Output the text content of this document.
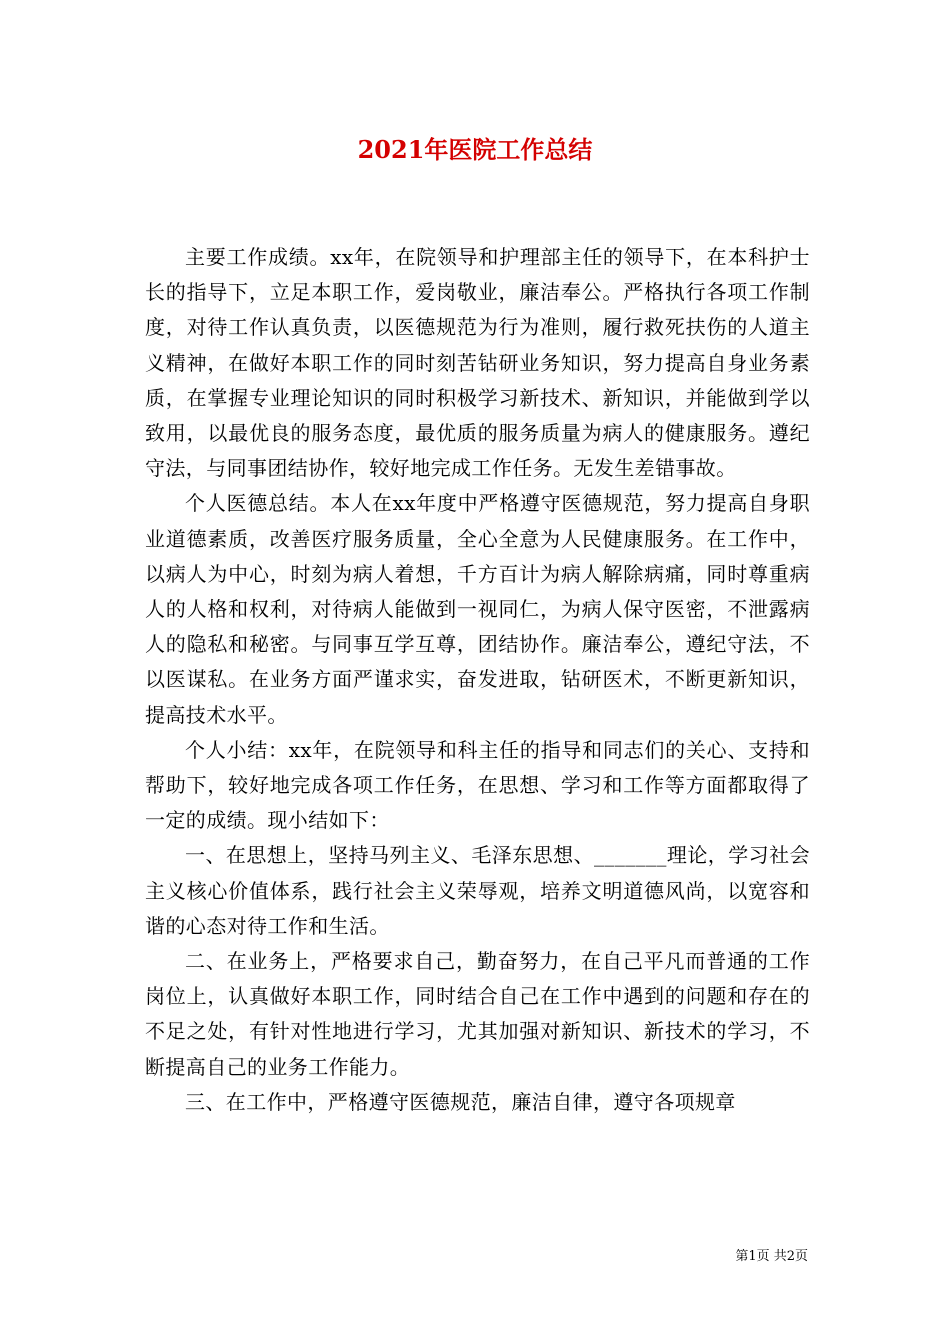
2021年医院工作总结

主要工作成绩。xx年，在院领导和护理部主任的领导下，在本科护士长的指导下，立足本职工作，爱岗敬业，廉洁奉公。严格执行各项工作制度，对待工作认真负责，以医德规范为行为准则，履行救死扶伤的人道主义精神，在做好本职工作的同时刻苦钻研业务知识，努力提高自身业务素质，在掌握专业理论知识的同时积极学习新技术、新知识，并能做到学以致用，以最优良的服务态度，最优质的服务质量为病人的健康服务。遵纪守法，与同事团结协作，较好地完成工作任务。无发生差错事故。

个人医德总结。本人在xx年度中严格遵守医德规范，努力提高自身职业道德素质，改善医疗服务质量，全心全意为人民健康服务。在工作中，以病人为中心，时刻为病人着想，千方百计为病人解除病痛，同时尊重病人的人格和权利，对待病人能做到一视同仁，为病人保守医密，不泄露病人的隐私和秘密。与同事互学互尊，团结协作。廉洁奉公，遵纪守法，不以医谋私。在业务方面严谨求实，奋发进取，钻研医术，不断更新知识，提高技术水平。

个人小结：xx年，在院领导和科主任的指导和同志们的关心、支持和帮助下，较好地完成各项工作任务，在思想、学习和工作等方面都取得了一定的成绩。现小结如下：

一、在思想上，坚持马列主义、毛泽东思想、_______理论，学习社会主义核心价值体系，践行社会主义荣辱观，培养文明道德风尚，以宽容和谐的心态对待工作和生活。

二、在业务上，严格要求自己，勤奋努力，在自己平凡而普通的工作岗位上，认真做好本职工作，同时结合自己在工作中遇到的问题和存在的不足之处，有针对性地进行学习，尤其加强对新知识、新技术的学习，不断提高自己的业务工作能力。

三、在工作中，严格遵守医德规范，廉洁自律，遵守各项规章

第1页 共2页
